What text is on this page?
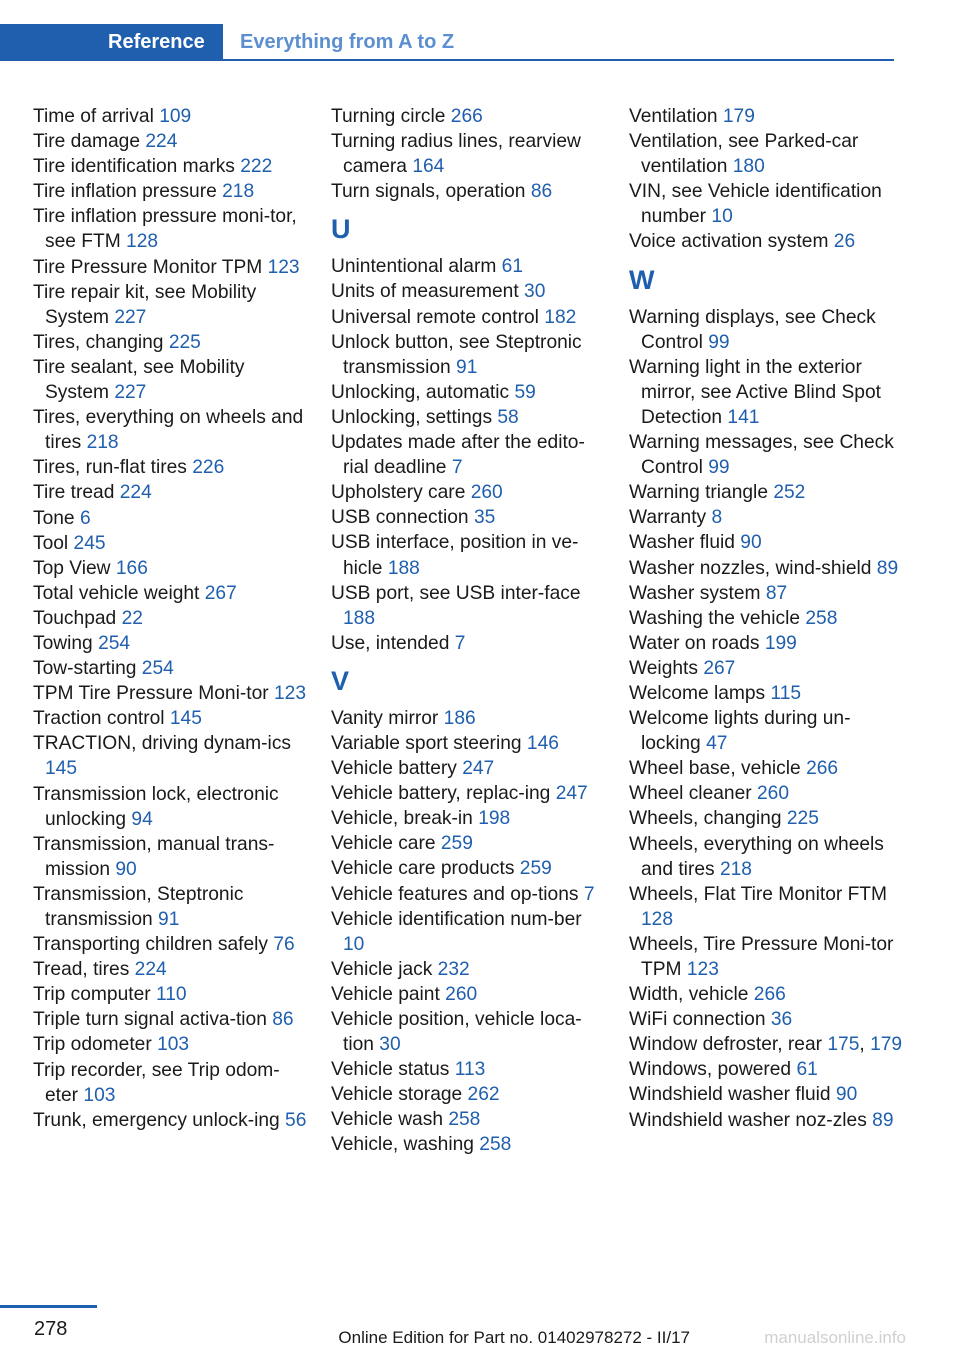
Reference	Everything from A to Z
Time of arrival 109
Tire damage 224
Tire identification marks 222
Tire inflation pressure 218
Tire inflation pressure moni‐tor, see FTM 128
Tire Pressure Monitor TPM 123
Tire repair kit, see Mobility System 227
Tires, changing 225
Tire sealant, see Mobility System 227
Tires, everything on wheels and tires 218
Tires, run-flat tires 226
Tire tread 224
Tone 6
Tool 245
Top View 166
Total vehicle weight 267
Touchpad 22
Towing 254
Tow-starting 254
TPM Tire Pressure Moni‐tor 123
Traction control 145
TRACTION, driving dynam‐ics 145
Transmission lock, electronic unlocking 94
Transmission, manual trans‐mission 90
Transmission, Steptronic transmission 91
Transporting children safely 76
Tread, tires 224
Trip computer 110
Triple turn signal activa‐tion 86
Trip odometer 103
Trip recorder, see Trip odom‐eter 103
Trunk, emergency unlock‐ing 56
Turning circle 266
Turning radius lines, rearview camera 164
Turn signals, operation 86
U
Unintentional alarm 61
Units of measurement 30
Universal remote control 182
Unlock button, see Steptronic transmission 91
Unlocking, automatic 59
Unlocking, settings 58
Updates made after the edito‐rial deadline 7
Upholstery care 260
USB connection 35
USB interface, position in ve‐hicle 188
USB port, see USB inter‐face 188
Use, intended 7
V
Vanity mirror 186
Variable sport steering 146
Vehicle battery 247
Vehicle battery, replac‐ing 247
Vehicle, break-in 198
Vehicle care 259
Vehicle care products 259
Vehicle features and op‐tions 7
Vehicle identification num‐ber 10
Vehicle jack 232
Vehicle paint 260
Vehicle position, vehicle loca‐tion 30
Vehicle status 113
Vehicle storage 262
Vehicle wash 258
Vehicle, washing 258
Ventilation 179
Ventilation, see Parked-car ventilation 180
VIN, see Vehicle identification number 10
Voice activation system 26
W
Warning displays, see Check Control 99
Warning light in the exterior mirror, see Active Blind Spot Detection 141
Warning messages, see Check Control 99
Warning triangle 252
Warranty 8
Washer fluid 90
Washer nozzles, wind‐shield 89
Washer system 87
Washing the vehicle 258
Water on roads 199
Weights 267
Welcome lamps 115
Welcome lights during un‐locking 47
Wheel base, vehicle 266
Wheel cleaner 260
Wheels, changing 225
Wheels, everything on wheels and tires 218
Wheels, Flat Tire Monitor FTM 128
Wheels, Tire Pressure Moni‐tor TPM 123
Width, vehicle 266
WiFi connection 36
Window defroster, rear 175, 179
Windows, powered 61
Windshield washer fluid 90
Windshield washer noz‐zles 89
278	Online Edition for Part no. 01402978272 - II/17	manualsonline.info
